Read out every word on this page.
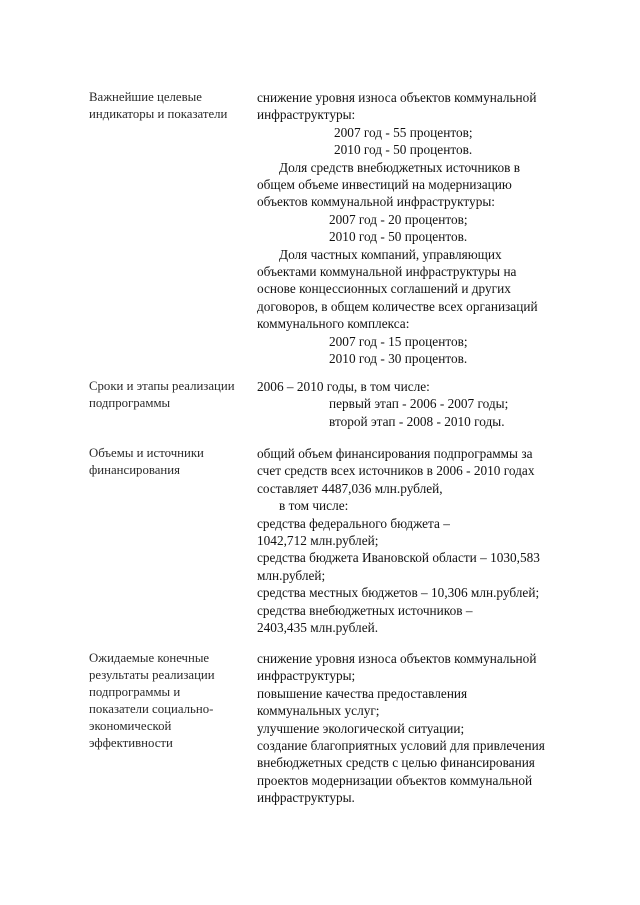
Важнейшие целевые
индикаторы и показатели
снижение уровня износа объектов коммунальной
инфраструктуры:
2007 год - 55 процентов;
2010 год - 50 процентов.
Доля средств внебюджетных источников в
общем объеме инвестиций на модернизацию
объектов коммунальной инфраструктуры:
2007 год - 20 процентов;
2010 год - 50 процентов.
Доля частных компаний, управляющих
объектами коммунальной инфраструктуры на
основе концессионных соглашений и других
договоров, в общем количестве всех организаций
коммунального комплекса:
2007 год - 15 процентов;
2010 год - 30 процентов.
Сроки и этапы реализации
подпрограммы
2006 – 2010 годы, в том числе:
первый этап - 2006 - 2007 годы;
второй этап - 2008 - 2010 годы.
Объемы и источники
финансирования
общий объем финансирования подпрограммы за
счет средств всех источников в 2006 - 2010 годах
составляет 4487,036 млн.рублей,
в том числе:
средства федерального бюджета –
1042,712 млн.рублей;
средства бюджета Ивановской области – 1030,583
млн.рублей;
средства местных бюджетов – 10,306 млн.рублей;
средства внебюджетных источников –
2403,435 млн.рублей.
Ожидаемые конечные
результаты реализации
подпрограммы и
показатели социально-
экономической
эффективности
снижение уровня износа объектов коммунальной
инфраструктуры;
повышение качества предоставления
коммунальных услуг;
улучшение экологической ситуации;
создание благоприятных условий для привлечения
внебюджетных средств с целью финансирования
проектов модернизации объектов коммунальной
инфраструктуры.
